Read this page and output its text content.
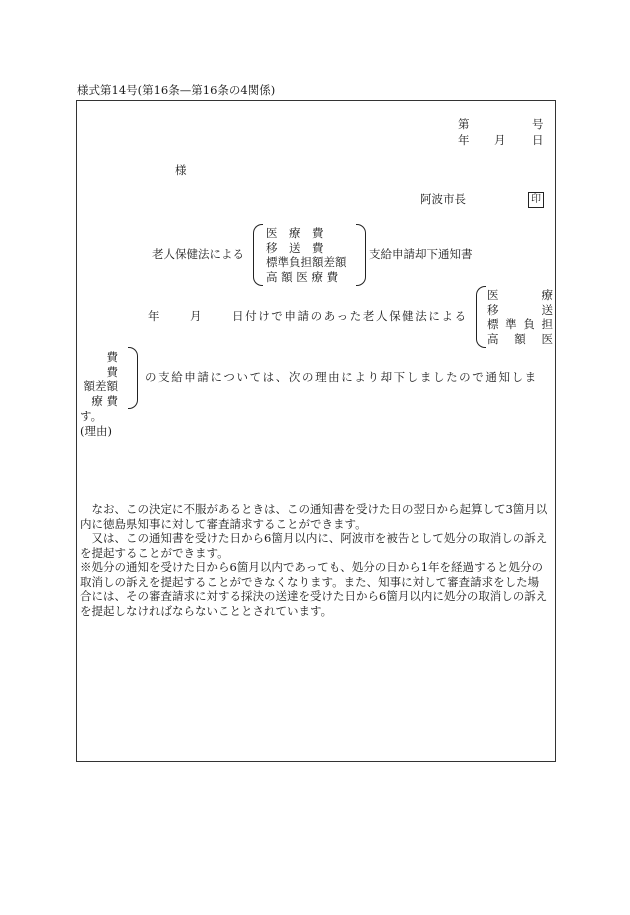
様式第14号(第16条—第16条の4関係)
第	号
年 月 日
様
阿波市長	印
老人保健法による
医　療　費
移　送　費
標準負担額差額
高 額 医 療 費
支給申請却下通知書
年	月	日付けで申請のあった老人保健法による
医	療
移	送
標 準 負 担
高 額 医
費
費
額差額
療 費
の支給申請については、次の理由により却下しましたので通知しま
す。
(理由)

なお、この決定に不服があるときは、この通知書を受けた日の翌日から起算して3箇月以内に徳島県知事に対して審査請求することができます。

又は、この通知書を受けた日から6箇月以内に、阿波市を被告として処分の取消しの訴えを提起することができます。

※処分の通知を受けた日から6箇月以内であっても、処分の日から1年を経過すると処分の取消しの訴えを提起することができなくなります。また、知事に対して審査請求をした場合には、その審査請求に対する採決の送達を受けた日から6箇月以内に処分の取消しの訴えを提起しなければならないこととされています。
